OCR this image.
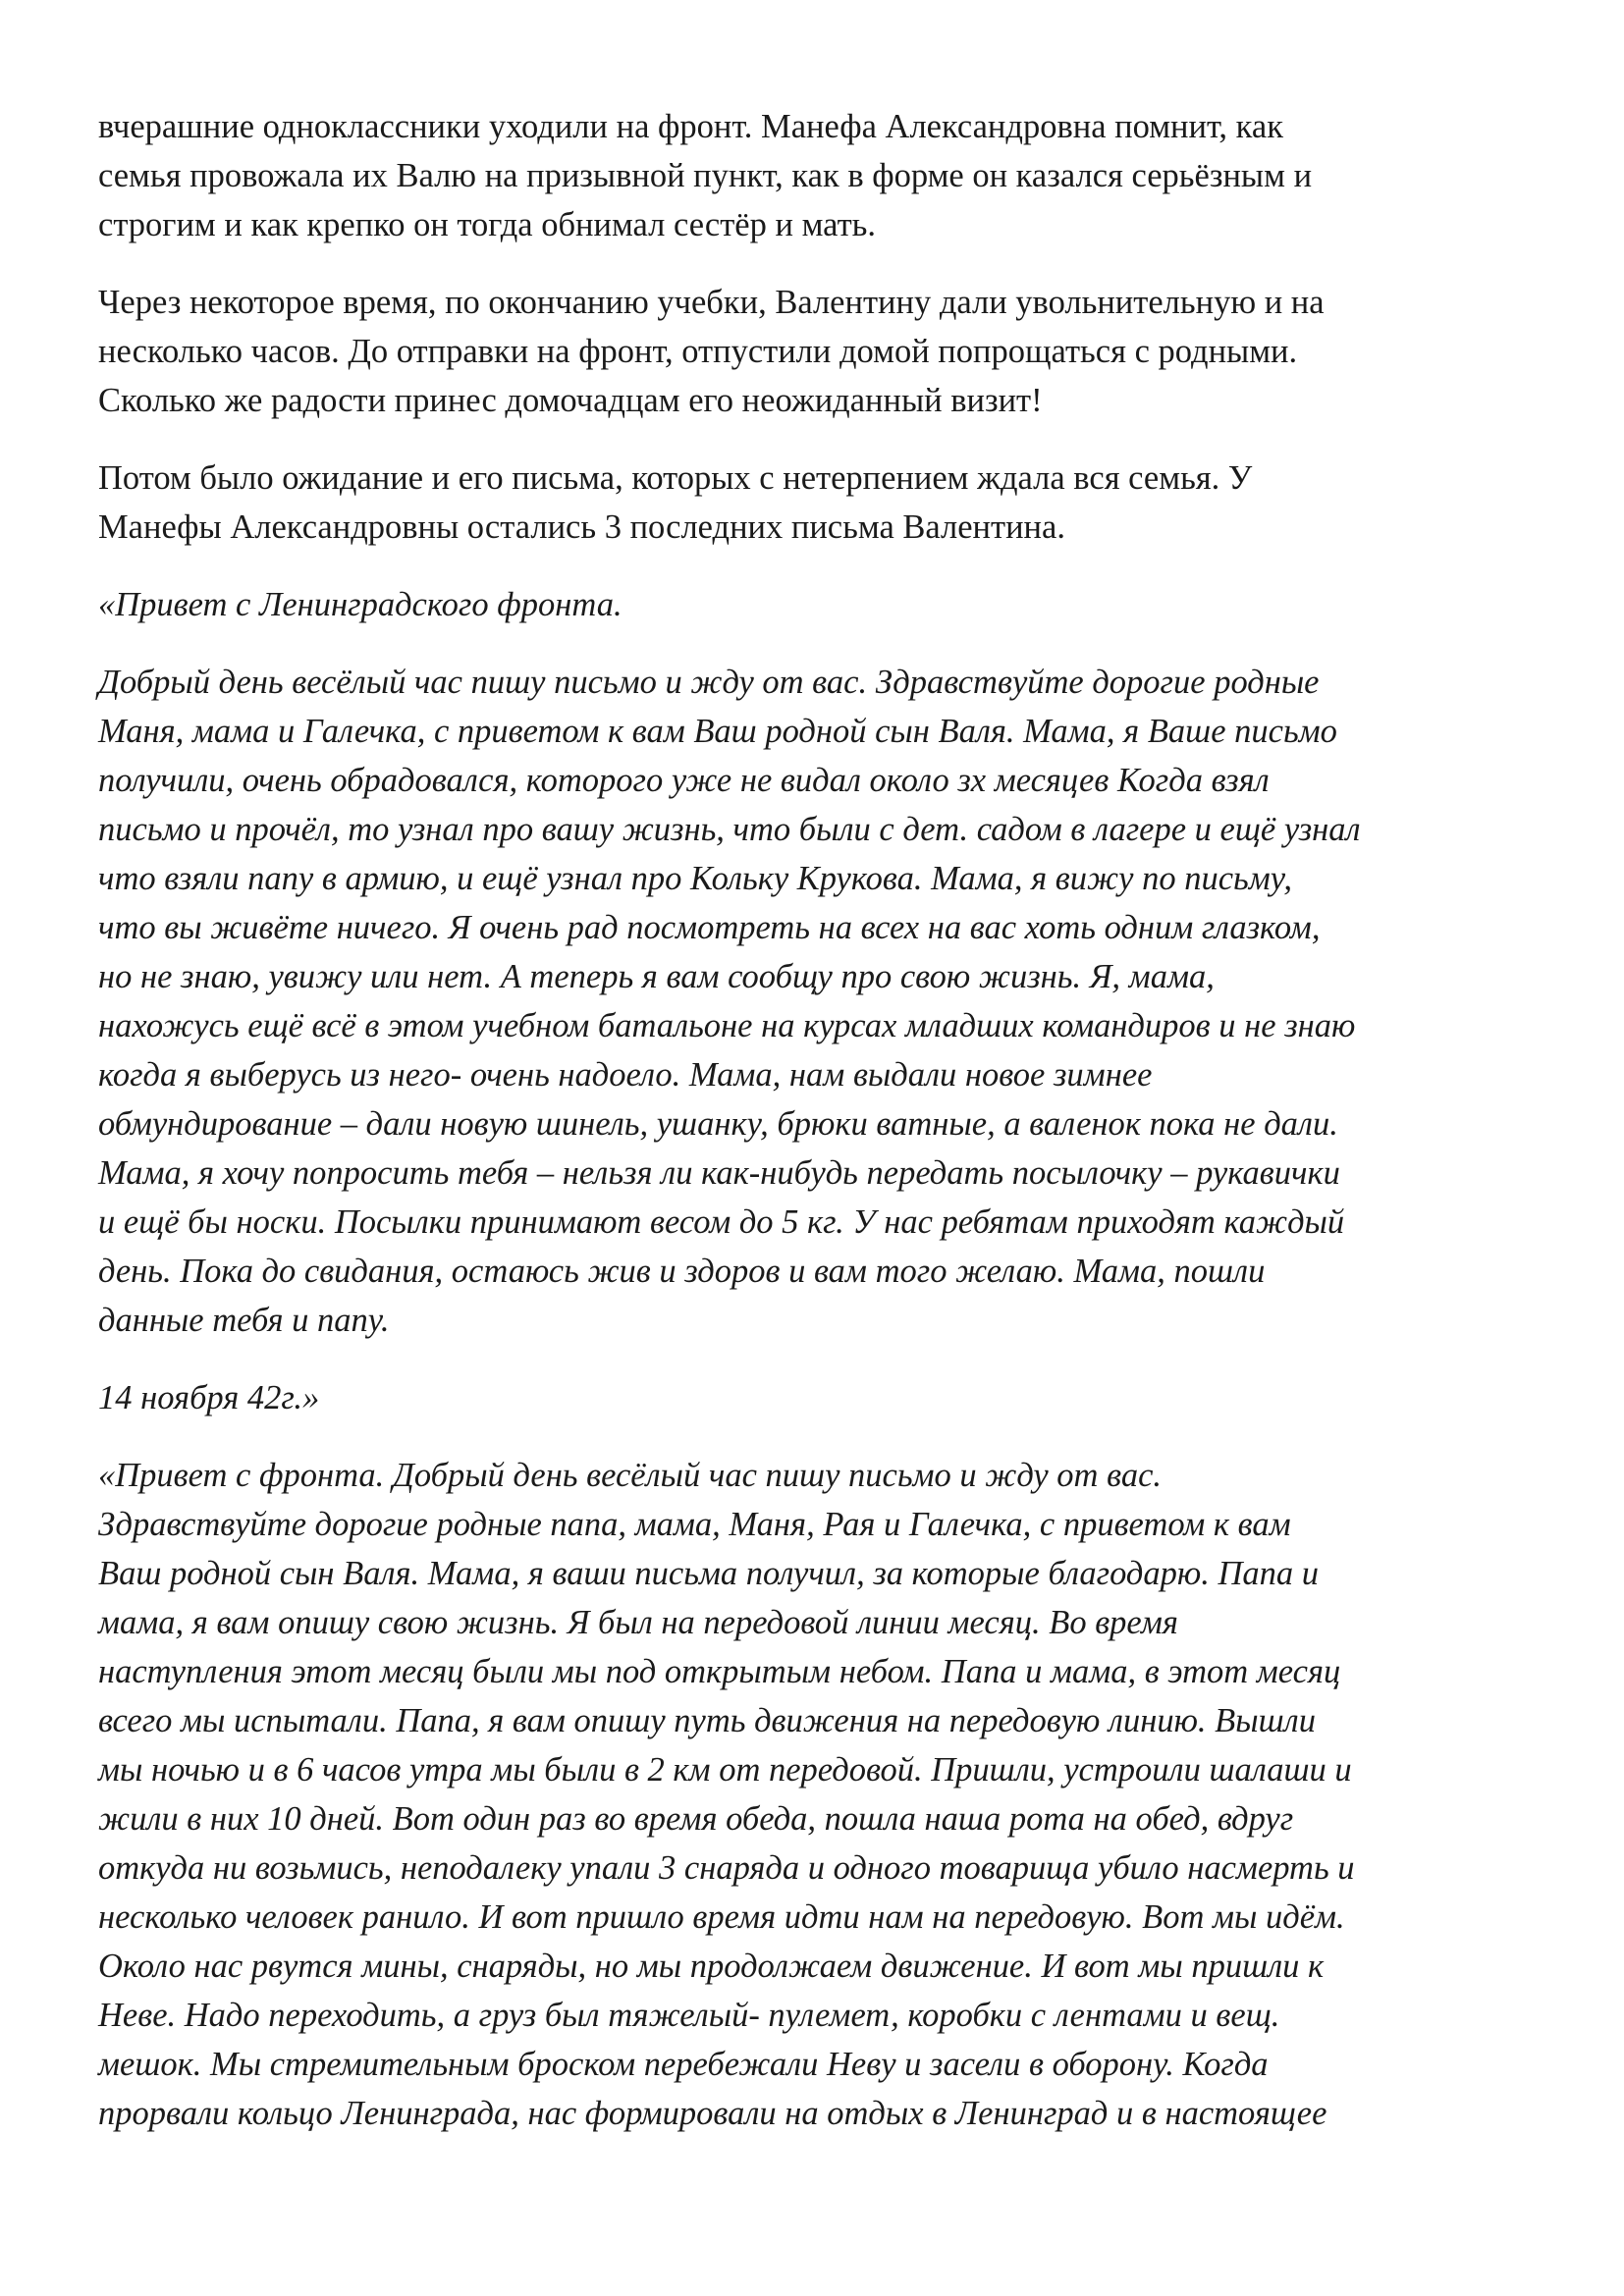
вчерашние одноклассники уходили на фронт. Манефа Александровна помнит, как
семья провожала их Валю на призывной пункт, как в форме он казался серьёзным и
строгим и как крепко он тогда обнимал сестёр и мать.
Через некоторое время, по окончанию учебки, Валентину дали увольнительную и на
несколько часов. До отправки на фронт, отпустили домой попрощаться с родными.
Сколько же радости принес домочадцам его неожиданный визит!
Потом было ожидание и его письма, которых с нетерпением ждала вся семья. У
Манефы Александровны остались 3 последних письма Валентина.
«Привет с Ленинградского фронта.
Добрый день весёлый час пишу письмо и жду от вас. Здравствуйте дорогие родные
Маня, мама и Галечка, с приветом к вам Ваш родной сын Валя. Мама, я Ваше письмо
получили, очень обрадовался, которого уже не видал около зх месяцев Когда взял
письмо и прочёл, то узнал про вашу жизнь, что были с дет. садом в лагере и ещё узнал
что взяли папу в армию, и ещё узнал про Кольку Крукова. Мама, я вижу по письму,
что вы живёте ничего. Я очень рад посмотреть на всех на вас хоть одним глазком,
но не знаю, увижу или нет. А теперь я вам сообщу про свою жизнь. Я, мама,
нахожусь ещё всё в этом учебном батальоне на курсах младших командиров и не знаю
когда я выберусь из него- очень надоело. Мама, нам выдали новое зимнее
обмундирование – дали новую шинель, ушанку, брюки ватные, а валенок пока не дали.
Мама, я хочу попросить тебя – нельзя ли как-нибудь передать посылочку – рукавички
и ещё бы носки. Посылки принимают весом до 5 кг. У нас ребятам приходят каждый
день. Пока до свидания, остаюсь жив и здоров и вам того желаю. Мама, пошли
данные тебя и папу.
14 ноября 42г.»
«Привет с фронта. Добрый день весёлый час пишу письмо и жду от вас.
Здравствуйте дорогие родные папа, мама, Маня, Рая и Галечка, с приветом к вам
Ваш родной сын Валя. Мама, я ваши письма получил, за которые благодарю. Папа и
мама, я вам опишу свою жизнь. Я был на передовой линии месяц. Во время
наступления этот месяц были мы под открытым небом. Папа и мама, в этот месяц
всего мы испытали. Папа, я вам опишу путь движения на передовую линию. Вышли
мы ночью и в 6 часов утра мы были в 2 км от передовой. Пришли, устроили шалаши и
жили в них 10 дней. Вот один раз во время обеда, пошла наша рота на обед, вдруг
откуда ни возьмись, неподалеку упали 3 снаряда и одного товарища убило насмерть и
несколько человек ранило. И вот пришло время идти нам на передовую. Вот мы идём.
Около нас рвутся мины, снаряды, но мы продолжаем движение. И вот мы пришли к
Неве. Надо переходить, а груз был тяжелый- пулемет, коробки с лентами и вещ.
мешок. Мы стремительным броском перебежали Неву и засели в оборону. Когда
прорвали кольцо Ленинграда, нас формировали на отдых в Ленинград и в настоящее
